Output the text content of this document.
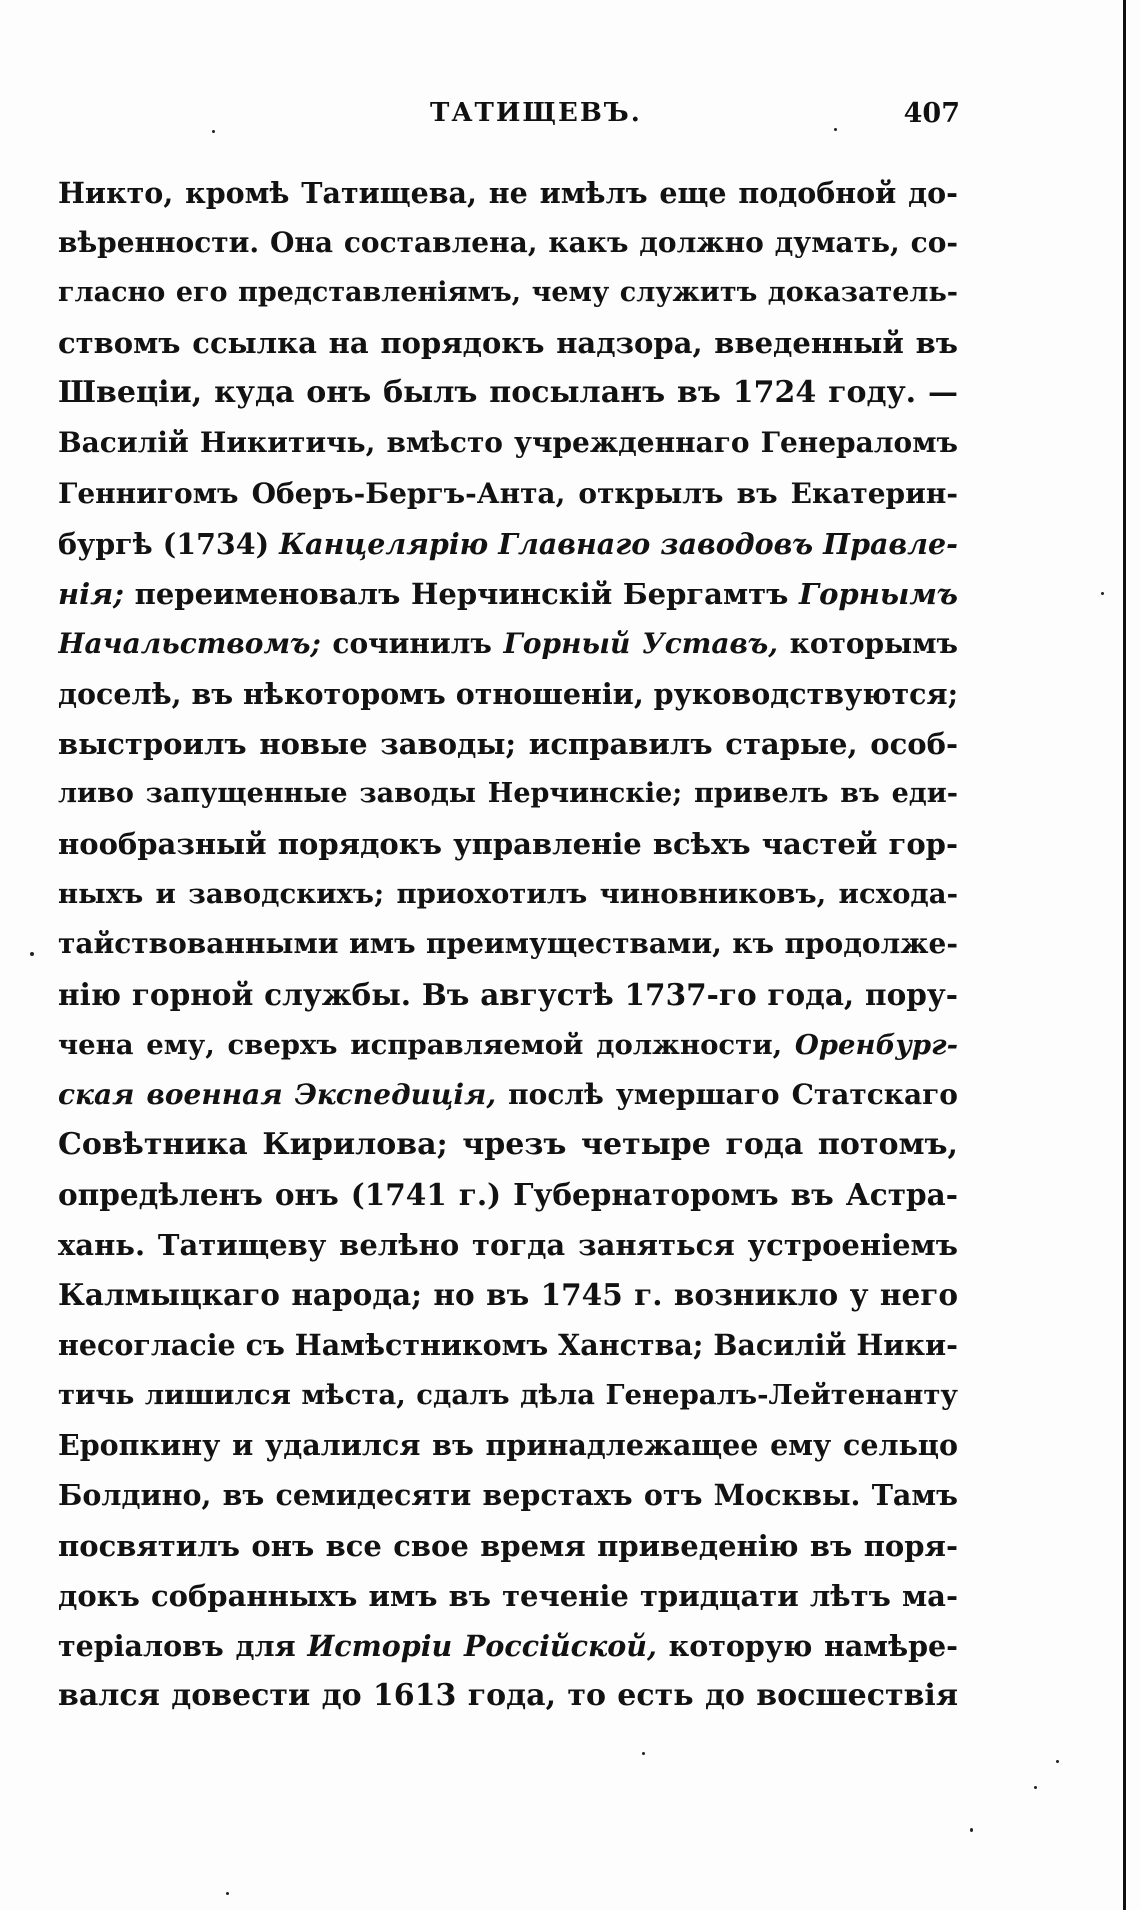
ТАТИЩЕВЪ.	407
Никто, кромѣ Татищева, не имѣлъ еще подобной до-
вѣренности. Она составлена, какъ должно думать, со-
гласно его представленіямъ, чему служитъ доказатель-
ствомъ ссылка на порядокъ надзора, введенный въ
Швеціи, куда онъ былъ посыланъ въ 1724 году. —
Василій Никитичь, вмѣсто учрежденнаго Генераломъ
Геннигомъ Оберъ-Бергъ-Анта, открылъ въ Екатерин-
бургѣ (1734) Канцелярію Главнаго заводовъ Правле-
нія; переименовалъ Нерчинскій Бергамтъ Горнымъ
Начальствомъ; сочинилъ Горный Уставъ, которымъ
доселѣ, въ нѣкоторомъ отношеніи, руководствуются;
выстроилъ новые заводы; исправилъ старые, особ-
ливо запущенные заводы Нерчинскіе; привелъ въ еди-
нообразный порядокъ управленіе всѣхъ частей гор-
ныхъ и заводскихъ; приохотилъ чиновниковъ, исхода-
тайствованными имъ преимуществами, къ продолже-
нію горной службы. Въ августѣ 1737-го года, пору-
чена ему, сверхъ исправляемой должности, Оренбург-
ская военная Экспедиція, послѣ умершаго Статскаго
Совѣтника Кирилова; чрезъ четыре года потомъ,
опредѣленъ онъ (1741 г.) Губернаторомъ въ Астра-
хань. Татищеву велѣно тогда заняться устроеніемъ
Калмыцкаго народа; но въ 1745 г. возникло у него
несогласіе съ Намѣстникомъ Ханства; Василій Ники-
тичь лишился мѣста, сдалъ дѣла Генералъ-Лейтенанту
Еропкину и удалился въ принадлежащее ему сельцо
Болдино, въ семидесяти верстахъ отъ Москвы. Тамъ
посвятилъ онъ все свое время приведенію въ поря-
докъ собранныхъ имъ въ теченіе тридцати лѣтъ ма-
теріаловъ для Исторіи Россійской, которую намѣре-
вался довести до 1613 года, то есть до восшествія
